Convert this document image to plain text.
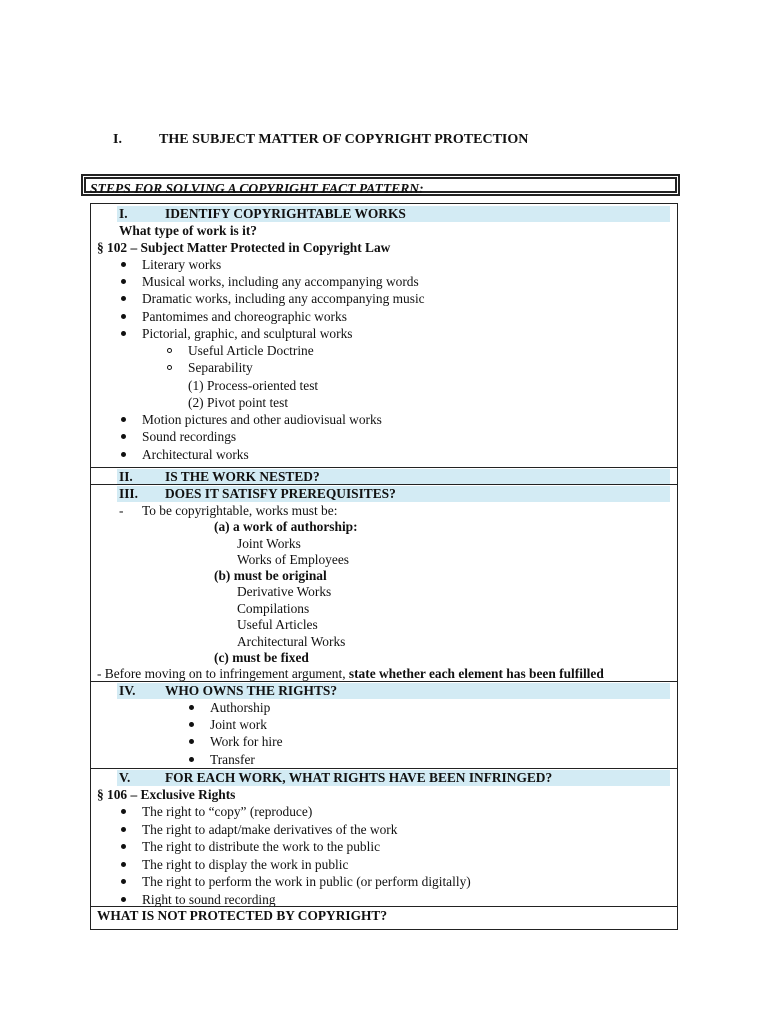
I.	THE SUBJECT MATTER OF COPYRIGHT PROTECTION
STEPS FOR SOLVING A COPYRIGHT FACT PATTERN:
I.	IDENTIFY COPYRIGHTABLE WORKS
What type of work is it?
§ 102 – Subject Matter Protected in Copyright Law
Literary works
Musical works, including any accompanying words
Dramatic works, including any accompanying music
Pantomimes and choreographic works
Pictorial, graphic, and sculptural works
Useful Article Doctrine
Separability
(1) Process-oriented test
(2) Pivot point test
Motion pictures and other audiovisual works
Sound recordings
Architectural works
II. IS THE WORK NESTED?
III. DOES IT SATISFY PREREQUISITES?
- To be copyrightable, works must be:
(a) a work of authorship:
Joint Works
Works of Employees
(b) must be original
Derivative Works
Compilations
Useful Articles
Architectural Works
(c) must be fixed
- Before moving on to infringement argument, state whether each element has been fulfilled
IV. WHO OWNS THE RIGHTS?
Authorship
Joint work
Work for hire
Transfer
V.	FOR EACH WORK, WHAT RIGHTS HAVE BEEN INFRINGED?
§ 106 – Exclusive Rights
The right to “copy” (reproduce)
The right to adapt/make derivatives of the work
The right to distribute the work to the public
The right to display the work in public
The right to perform the work in public (or perform digitally)
Right to sound recording
WHAT IS NOT PROTECTED BY COPYRIGHT?
